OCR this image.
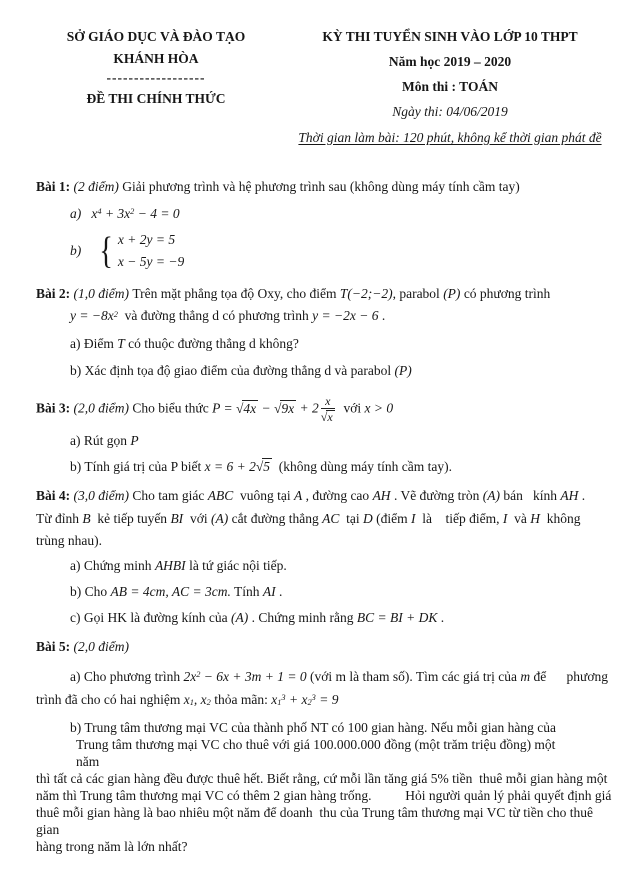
SỞ GIÁO DỤC VÀ ĐÀO TẠO
KHÁNH HÒA
------------------
ĐỀ THI CHÍNH THỨC
KỲ THI TUYỂN SINH VÀO LỚP 10 THPT
Năm học 2019 – 2020
Môn thi : TOÁN
Ngày thi: 04/06/2019
Thời gian làm bài: 120 phút, không kể thời gian phát đề
Bài 1: (2 điểm) Giải phương trình và hệ phương trình sau (không dùng máy tính cầm tay)
a)   $x^4 + 3x^2 - 4 = 0$
b) { x + 2y = 5
x − 5y = −9
Bài 2: (1,0 điểm) Trên mặt phẳng tọa độ Oxy, cho điểm T(−2;−2), parabol (P) có phương trình
$y = -8x^2$  và đường thẳng d có phương trình y = −2x − 6 .
a) Điểm T có thuộc đường thẳng d không?
b) Xác định tọa độ giao điểm của đường thẳng d và parabol (P)
Bài 3: (2,0 điểm) Cho biểu thức $P = √4x - √9x + 2 \frac{x}{√x}$ với x > 0
a) Rút gọn P
b) Tính giá trị của P biết x = 6 + 2√5  (không dùng máy tính cầm tay).
Bài 4: (3,0 điểm) Cho tam giác ABC  vuông tại A , đường cao AH . Vẽ đường tròn (A) bán   kính AH .
Từ đỉnh B  kẻ tiếp tuyến BI  với (A) cắt đường thẳng AC  tại D (điểm I  là    tiếp điểm, I  và H  không
trùng nhau).
a) Chứng minh AHBI là tứ giác nội tiếp.
b) Cho AB = 4cm, AC = 3cm. Tính AI .
c) Gọi HK là đường kính của (A) . Chứng minh rằng BC = BI + DK .
Bài 5: (2,0 điểm)
a) Cho phương trình $2x^2 - 6x + 3m + 1 = 0$ (với m là tham số). Tìm các giá trị của m để      phương
trình đã cho có hai nghiệm $x_1$, $x_2$ thỏa mãn: $x_1^3 + x_2^3 = 9$
b) Trung tâm thương mại VC của thành phố NT có 100 gian hàng. Nếu mỗi gian hàng của
Trung tâm thương mại VC cho thuê với giá 100.000.000 đồng (một trăm triệu đồng) một              năm
thì tất cả các gian hàng đều được thuê hết. Biết rằng, cứ mỗi lần tăng giá 5% tiền  thuê mỗi gian hàng một
năm thì Trung tâm thương mại VC có thêm 2 gian hàng trống.          Hỏi người quản lý phải quyết định giá
thuê mỗi gian hàng là bao nhiêu một năm để doanh  thu của Trung tâm thương mại VC từ tiền cho thuê gian
hàng trong năm là lớn nhất?
